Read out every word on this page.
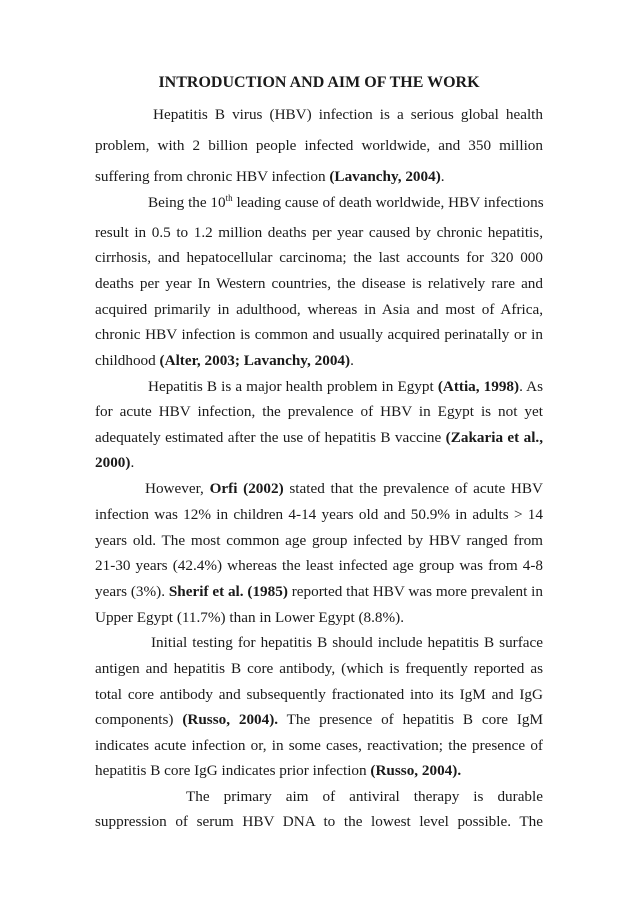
INTRODUCTION AND AIM OF THE WORK
Hepatitis B virus (HBV) infection is a serious global health
problem, with 2 billion people infected worldwide, and 350 million
suffering from chronic HBV infection (Lavanchy, 2004).
Being the 10th leading cause of death worldwide, HBV infections
result in 0.5 to 1.2 million deaths per year caused by chronic hepatitis,
cirrhosis, and hepatocellular carcinoma; the last accounts for 320 000
deaths per year In Western countries, the disease is relatively rare and
acquired primarily in adulthood, whereas in Asia and most of Africa,
chronic HBV infection is common and usually acquired perinatally or in
childhood (Alter, 2003; Lavanchy, 2004).
Hepatitis B is a major health problem in Egypt (Attia, 1998). As
for acute HBV infection, the prevalence of HBV in Egypt is not yet
adequately estimated after the use of hepatitis B vaccine (Zakaria et al.,
2000).
However, Orfi (2002) stated that the prevalence of acute HBV
infection was 12% in children 4-14 years old and 50.9% in adults > 14
years old. The most common age group infected by HBV ranged from
21-30 years (42.4%) whereas the least infected age group was from 4-8
years (3%). Sherif et al. (1985) reported that HBV was more prevalent in
Upper Egypt (11.7%) than in Lower Egypt (8.8%).
Initial testing for hepatitis B should include hepatitis B surface
antigen and hepatitis B core antibody, (which is frequently reported as
total core antibody and subsequently fractionated into its IgM and IgG
components) (Russo, 2004). The presence of hepatitis B core IgM
indicates acute infection or, in some cases, reactivation; the presence of
hepatitis B core IgG indicates prior infection (Russo, 2004).
The primary aim of antiviral therapy is durable
suppression of serum HBV DNA to the lowest level possible. The
